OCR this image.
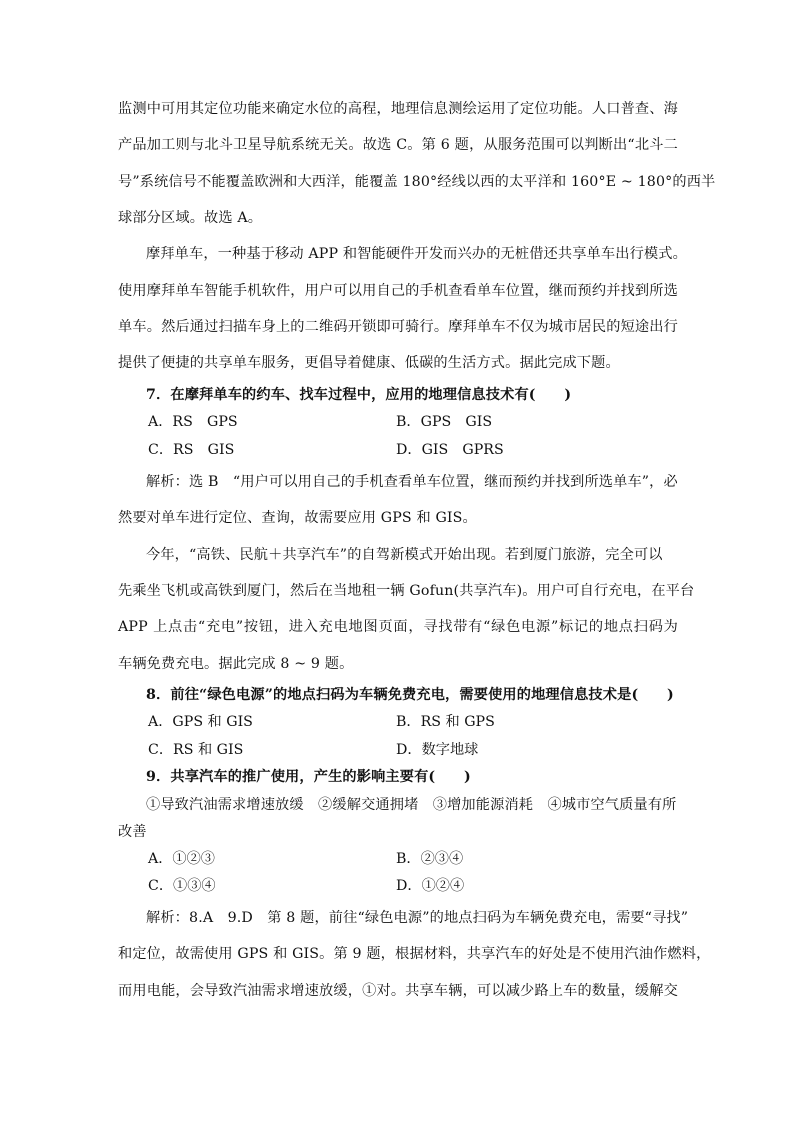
监测中可用其定位功能来确定水位的高程，地理信息测绘运用了定位功能。人口普查、海
产品加工则与北斗卫星导航系统无关。故选 C。第 6 题，从服务范围可以判断出“北斗二
号”系统信号不能覆盖欧洲和大西洋，能覆盖 180°经线以西的太平洋和 160°E ~ 180°的西半
球部分区域。故选 A。
摩拜单车，一种基于移动 APP 和智能硬件开发而兴办的无桩借还共享单车出行模式。
使用摩拜单车智能手机软件，用户可以用自己的手机查看单车位置，继而预约并找到所选
单车。然后通过扫描车身上的二维码开锁即可骑行。摩拜单车不仅为城市居民的短途出行
提供了便捷的共享单车服务，更倡导着健康、低碳的生活方式。据此完成下题。
7．在摩拜单车的约车、找车过程中，应用的地理信息技术有(　　)
A．RS　GPS	B．GPS　GIS
C．RS　GIS	D．GIS　GPRS
解析：选 B　“用户可以用自己的手机查看单车位置，继而预约并找到所选单车”，必
然要对单车进行定位、查询，故需要应用 GPS 和 GIS。
今年，“高铁、民航＋共享汽车”的自驾新模式开始出现。若到厦门旅游，完全可以
先乘坐飞机或高铁到厦门，然后在当地租一辆 Gofun(共享汽车)。用户可自行充电，在平台
APP 上点击“充电”按钮，进入充电地图页面，寻找带有“绿色电源”标记的地点扫码为
车辆免费充电。据此完成 8 ~ 9 题。
8．前往“绿色电源”的地点扫码为车辆免费充电，需要使用的地理信息技术是(　　)
A．GPS 和 GIS	B．RS 和 GPS
C．RS 和 GIS	D．数字地球
9．共享汽车的推广使用，产生的影响主要有(　　)
①导致汽油需求增速放缓　②缓解交通拥堵　③增加能源消耗　④城市空气质量有所
改善
A．①②③	B．②③④
C．①③④	D．①②④
解析：8.A　9.D　第 8 题，前往“绿色电源”的地点扫码为车辆免费充电，需要“寻找”
和定位，故需使用 GPS 和 GIS。第 9 题，根据材料，共享汽车的好处是不使用汽油作燃料，
而用电能，会导致汽油需求增速放缓，①对。共享车辆，可以减少路上车的数量，缓解交
